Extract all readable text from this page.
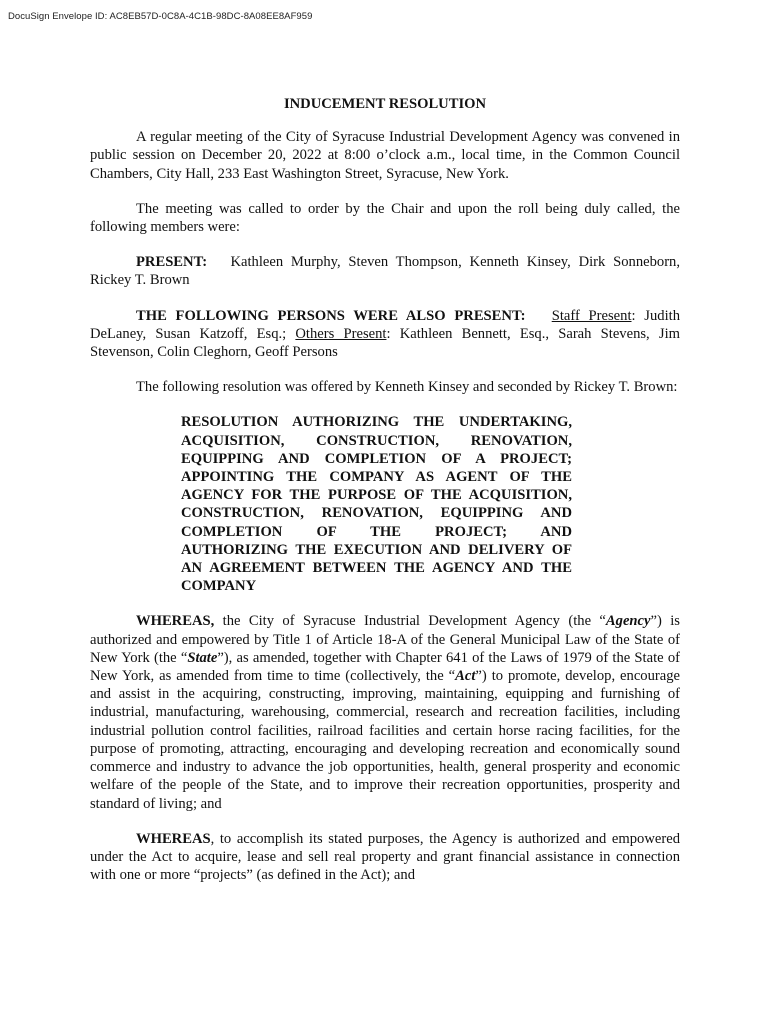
DocuSign Envelope ID: AC8EB57D-0C8A-4C1B-98DC-8A08EE8AF959
INDUCEMENT RESOLUTION

A regular meeting of the City of Syracuse Industrial Development Agency was convened in public session on December 20, 2022 at 8:00 o’clock a.m., local time, in the Common Council Chambers, City Hall, 233 East Washington Street, Syracuse, New York.

The meeting was called to order by the Chair and upon the roll being duly called, the following members were:

PRESENT: Kathleen Murphy, Steven Thompson, Kenneth Kinsey, Dirk Sonneborn, Rickey T. Brown

THE FOLLOWING PERSONS WERE ALSO PRESENT: Staff Present: Judith DeLaney, Susan Katzoff, Esq.; Others Present: Kathleen Bennett, Esq., Sarah Stevens, Jim Stevenson, Colin Cleghorn, Geoff Persons

The following resolution was offered by Kenneth Kinsey and seconded by Rickey T. Brown:

RESOLUTION AUTHORIZING THE UNDERTAKING,
ACQUISITION, CONSTRUCTION, RENOVATION,
EQUIPPING AND COMPLETION OF A PROJECT;
APPOINTING THE COMPANY AS AGENT OF THE
AGENCY FOR THE PURPOSE OF THE ACQUISITION,
CONSTRUCTION, RENOVATION, EQUIPPING AND
COMPLETION OF THE PROJECT; AND
AUTHORIZING THE EXECUTION AND DELIVERY OF
AN AGREEMENT BETWEEN THE AGENCY AND THE
COMPANY

WHEREAS, the City of Syracuse Industrial Development Agency (the “Agency”) is authorized and empowered by Title 1 of Article 18-A of the General Municipal Law of the State of New York (the “State”), as amended, together with Chapter 641 of the Laws of 1979 of the State of New York, as amended from time to time (collectively, the “Act”) to promote, develop, encourage and assist in the acquiring, constructing, improving, maintaining, equipping and furnishing of industrial, manufacturing, warehousing, commercial, research and recreation facilities, including industrial pollution control facilities, railroad facilities and certain horse racing facilities, for the purpose of promoting, attracting, encouraging and developing recreation and economically sound commerce and industry to advance the job opportunities, health, general prosperity and economic welfare of the people of the State, and to improve their recreation opportunities, prosperity and standard of living; and

WHEREAS, to accomplish its stated purposes, the Agency is authorized and empowered under the Act to acquire, lease and sell real property and grant financial assistance in connection with one or more “projects” (as defined in the Act); and
